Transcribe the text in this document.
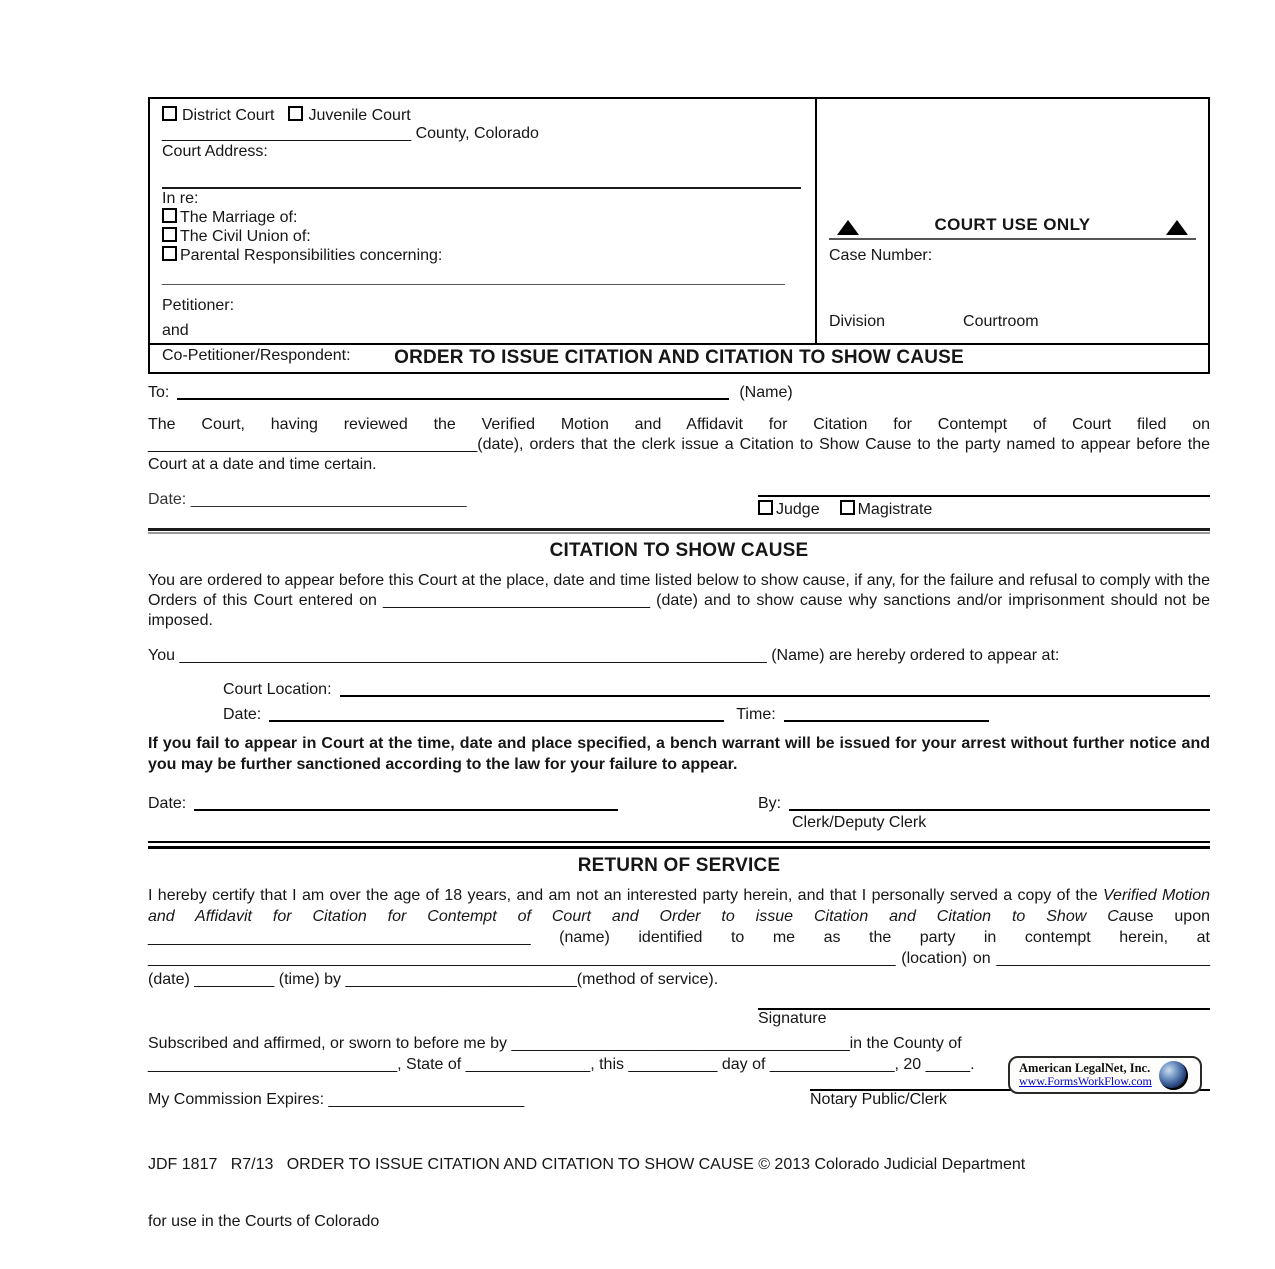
District Court Juvenile Court
____________________________ County, Colorado
Court Address:
In re:
The Marriage of:
The Civil Union of:
Parental Responsibilities concerning:
______________________________________________________________________
Petitioner:
and
Co-Petitioner/Respondent:
COURT USE ONLY
Case Number:
Division	Courtroom
ORDER TO ISSUE CITATION AND CITATION TO SHOW CAUSE
To:	(Name)

The Court, having reviewed the Verified Motion and Affidavit for Citation for Contempt of Court filed on _____________________________________(date), orders that the clerk issue a Citation to Show Cause to the party named to appear before the Court at a date and time certain.

Date: _______________________________
Judge	Magistrate
CITATION TO SHOW CAUSE

You are ordered to appear before this Court at the place, date and time listed below to show cause, if any, for the failure and refusal to comply with the Orders of this Court entered on ______________________________ (date) and to show cause why sanctions and/or imprisonment should not be imposed.

You __________________________________________________________________ (Name) are hereby ordered to appear at:
Court Location:
Date:	Time:

If you fail to appear in Court at the time, date and place specified, a bench warrant will be issued for your arrest without further notice and you may be further sanctioned according to the law for your failure to appear.

Date:	By:
Clerk/Deputy Clerk
RETURN OF SERVICE

I hereby certify that I am over the age of 18 years, and am not an interested party herein, and that I personally served a copy of the Verified Motion and Affidavit for Citation for Contempt of Court and Order to issue Citation and Citation to Show Cause upon ___________________________________________ (name) identified to me as the party in contempt herein, at ____________________________________________________________________________________ (location) on ________________________ (date) _________ (time) by __________________________(method of service).

Signature
Subscribed and affirmed, or sworn to before me by ______________________________________in the County of
____________________________, State of ______________, this __________ day of ______________, 20 _____.
My Commission Expires: ______________________	Notary Public/Clerk

JDF 1817   R7/13   ORDER TO ISSUE CITATION AND CITATION TO SHOW CAUSE © 2013 Colorado Judicial Department

for use in the Courts of Colorado

American LegalNet, Inc.
www.FormsWorkFlow.com
